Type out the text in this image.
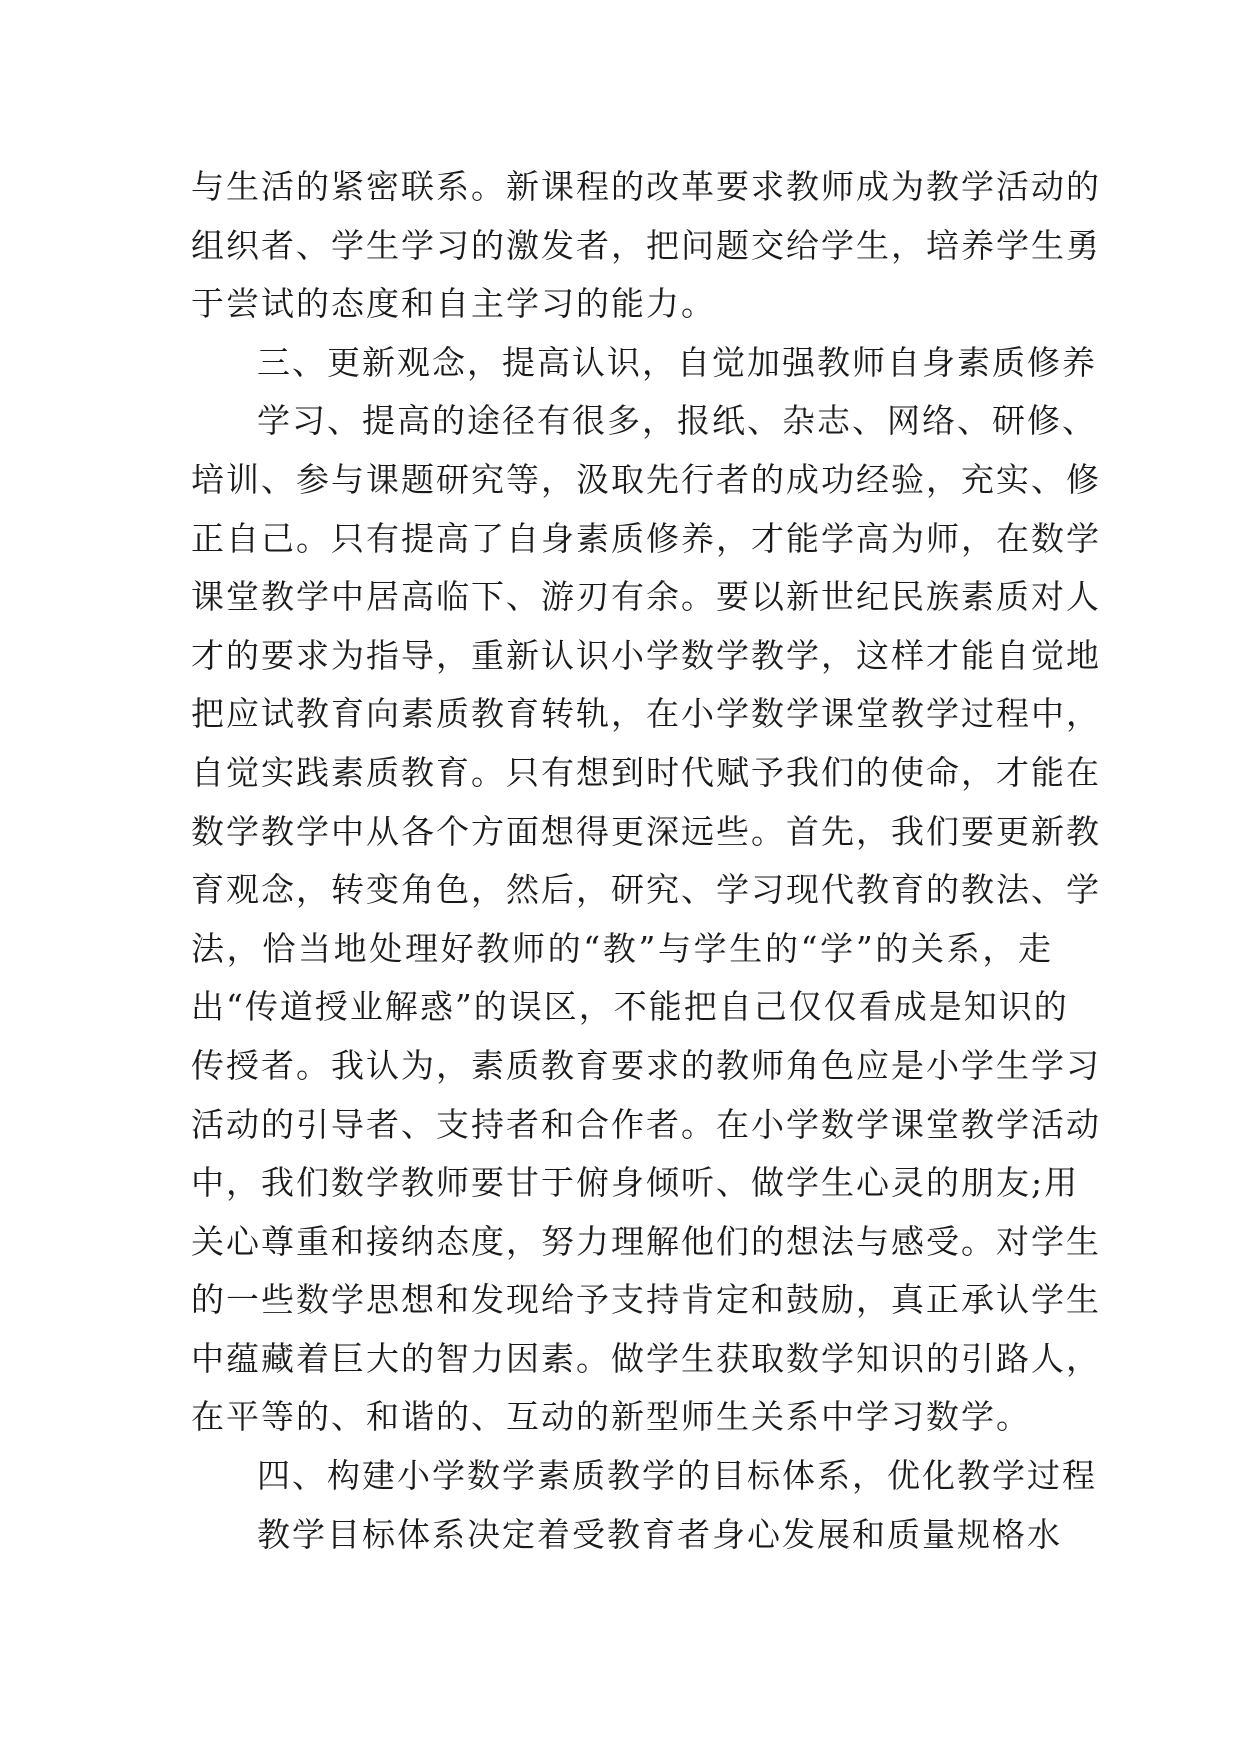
与生活的紧密联系。新课程的改革要求教师成为教学活动的
组织者、学生学习的激发者，把问题交给学生，培养学生勇
于尝试的态度和自主学习的能力。
三、更新观念，提高认识，自觉加强教师自身素质修养
学习、提高的途径有很多，报纸、杂志、网络、研修、
培训、参与课题研究等，汲取先行者的成功经验，充实、修
正自己。只有提高了自身素质修养，才能学高为师，在数学
课堂教学中居高临下、游刃有余。要以新世纪民族素质对人
才的要求为指导，重新认识小学数学教学，这样才能自觉地
把应试教育向素质教育转轨，在小学数学课堂教学过程中，
自觉实践素质教育。只有想到时代赋予我们的使命，才能在
数学教学中从各个方面想得更深远些。首先，我们要更新教
育观念，转变角色，然后，研究、学习现代教育的教法、学
法，恰当地处理好教师的“教”与学生的“学”的关系，走
出“传道授业解惑”的误区，不能把自己仅仅看成是知识的
传授者。我认为，素质教育要求的教师角色应是小学生学习
活动的引导者、支持者和合作者。在小学数学课堂教学活动
中，我们数学教师要甘于俯身倾听、做学生心灵的朋友;用
关心尊重和接纳态度，努力理解他们的想法与感受。对学生
的一些数学思想和发现给予支持肯定和鼓励，真正承认学生
中蕴藏着巨大的智力因素。做学生获取数学知识的引路人，
在平等的、和谐的、互动的新型师生关系中学习数学。
四、构建小学数学素质教学的目标体系，优化教学过程
教学目标体系决定着受教育者身心发展和质量规格水
